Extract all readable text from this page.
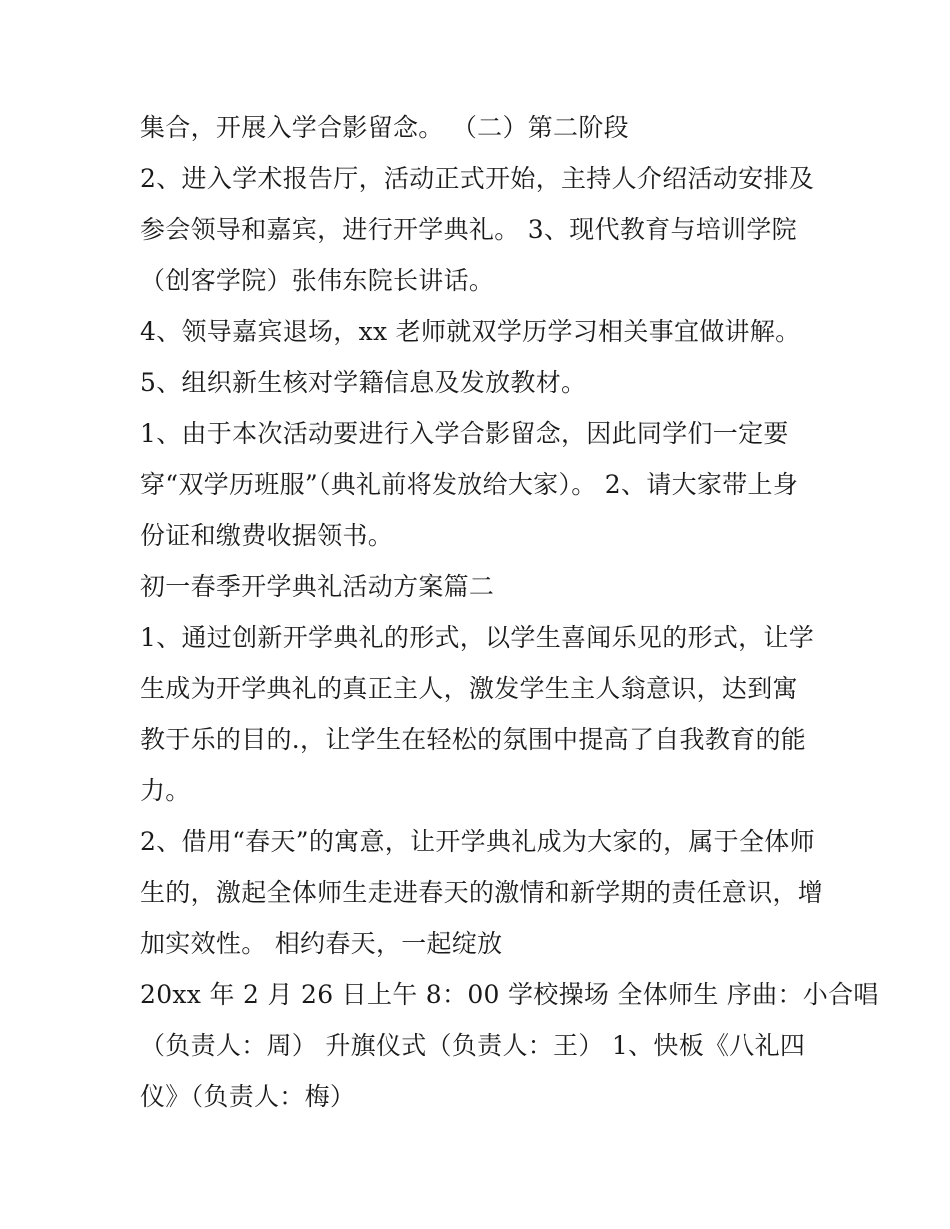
集合，开展入学合影留念。 （二）第二阶段
2、进入学术报告厅，活动正式开始，主持人介绍活动安排及
参会领导和嘉宾，进行开学典礼。 3、现代教育与培训学院
（创客学院）张伟东院长讲话。
4、领导嘉宾退场，xx 老师就双学历学习相关事宜做讲解。
5、组织新生核对学籍信息及发放教材。
1、由于本次活动要进行入学合影留念，因此同学们一定要
穿“双学历班服”（典礼前将发放给大家）。 2、请大家带上身
份证和缴费收据领书。
初一春季开学典礼活动方案篇二
1、通过创新开学典礼的形式，以学生喜闻乐见的形式，让学
生成为开学典礼的真正主人，激发学生主人翁意识，达到寓
教于乐的目的.，让学生在轻松的氛围中提高了自我教育的能
力。
2、借用“春天”的寓意，让开学典礼成为大家的，属于全体师
生的，激起全体师生走进春天的激情和新学期的责任意识，增
加实效性。 相约春天，一起绽放
20xx 年 2 月 26 日上午 8：00 学校操场 全体师生 序曲：小合唱
（负责人：周） 升旗仪式（负责人：王） 1、快板《八礼四
仪》（负责人：梅）
